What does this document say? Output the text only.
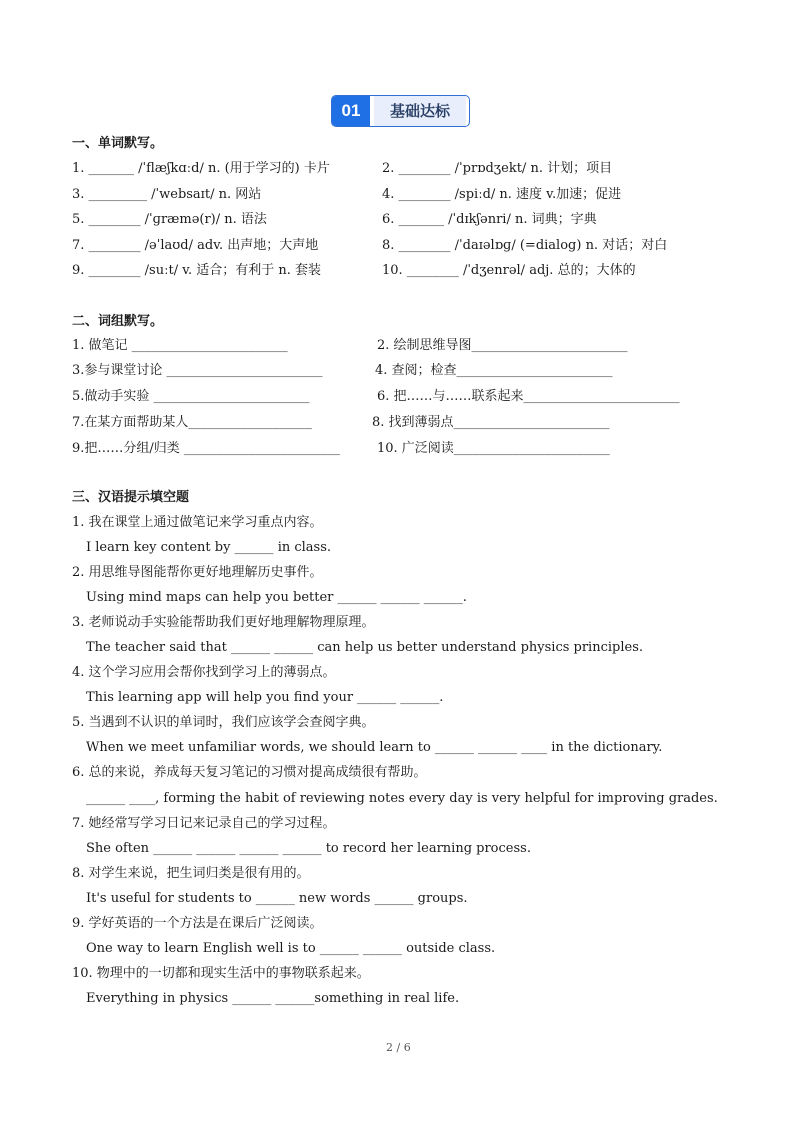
01	基础达标
一、单词默写。
1. _______ /ˈflæʃkɑːd/ n. (用于学习的) 卡片	2. ________ /ˈprɒdʒekt/ n. 计划；项目
3. _________ /ˈwebsaɪt/ n. 网站	4. ________ /spiːd/ n. 速度 v.加速；促进
5. ________ /ˈɡræmə(r)/ n. 语法	6. _______ /ˈdɪkʃənri/ n. 词典；字典
7. ________ /əˈlaʊd/ adv. 出声地；大声地	8. ________ /ˈdaɪəlɒɡ/ (=dialog) n. 对话；对白
9. ________ /suːt/ v. 适合；有利于 n. 套装	10. ________ /ˈdʒenrəl/ adj. 总的；大体的
二、词组默写。
1. 做笔记 ________________________	2. 绘制思维导图________________________
3.参与课堂讨论 ________________________	4. 查阅；检查________________________
5.做动手实验 ________________________	6. 把……与……联系起来________________________
7.在某方面帮助某人___________________	8. 找到薄弱点________________________
9.把……分组/归类 ________________________	10. 广泛阅读________________________
三、汉语提示填空题
1. 我在课堂上通过做笔记来学习重点内容。
I learn key content by ______ in class.
2. 用思维导图能帮你更好地理解历史事件。
Using mind maps can help you better ______ ______ ______.
3. 老师说动手实验能帮助我们更好地理解物理原理。
The teacher said that ______ ______ can help us better understand physics principles.
4. 这个学习应用会帮你找到学习上的薄弱点。
This learning app will help you find your ______ ______.
5. 当遇到不认识的单词时，我们应该学会查阅字典。
When we meet unfamiliar words, we should learn to ______ ______ ____ in the dictionary.
6. 总的来说，养成每天复习笔记的习惯对提高成绩很有帮助。
______ ____, forming the habit of reviewing notes every day is very helpful for improving grades.
7. 她经常写学习日记来记录自己的学习过程。
She often ______ ______ ______ ______ to record her learning process.
8. 对学生来说，把生词归类是很有用的。
It's useful for students to ______ new words ______ groups.
9. 学好英语的一个方法是在课后广泛阅读。
One way to learn English well is to ______ ______ outside class.
10. 物理中的一切都和现实生活中的事物联系起来。
Everything in physics ______ ______something in real life.
2 / 6
